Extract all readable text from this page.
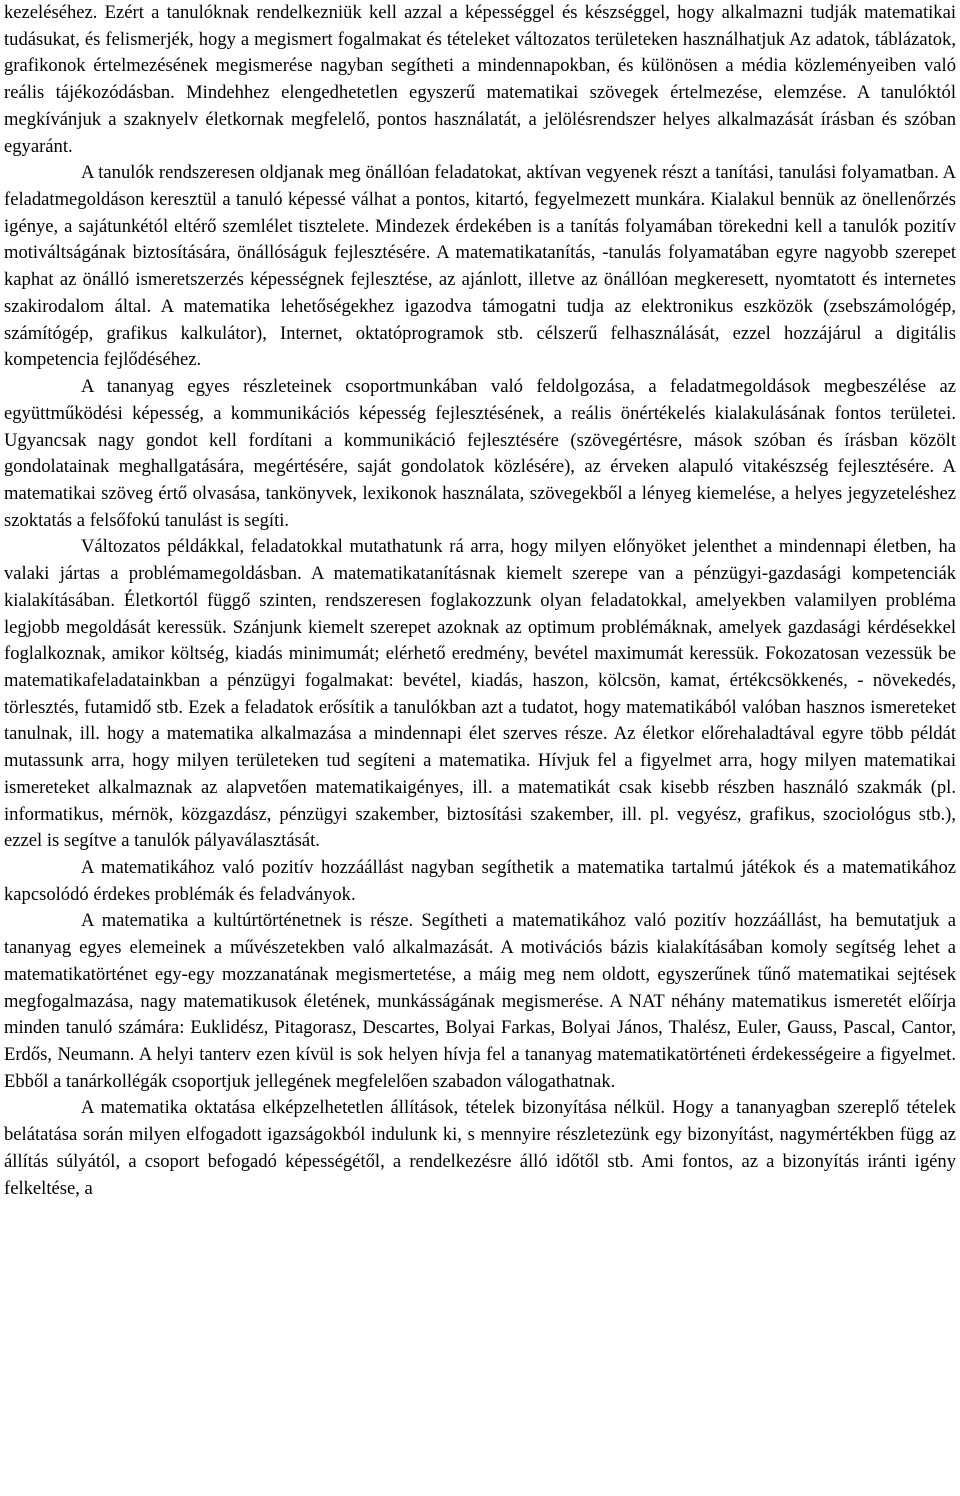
kezeléséhez. Ezért a tanulóknak rendelkezniük kell azzal a képességgel és készséggel, hogy alkalmazni tudják matematikai tudásukat, és felismerjék, hogy a megismert fogalmakat és tételeket változatos területeken használhatjuk Az adatok, táblázatok, grafikonok értelmezésének megismerése nagyban segítheti a mindennapokban, és különösen a média közleményeiben való reális tájékozódásban. Mindehhez elengedhetetlen egyszerű matematikai szövegek értelmezése, elemzése. A tanulóktól megkívánjuk a szaknyelv életkornak megfelelő, pontos használatát, a jelölésrendszer helyes alkalmazását írásban és szóban egyaránt.

A tanulók rendszeresen oldjanak meg önállóan feladatokat, aktívan vegyenek részt a tanítási, tanulási folyamatban. A feladatmegoldáson keresztül a tanuló képessé válhat a pontos, kitartó, fegyelmezett munkára. Kialakul bennük az önellenőrzés igénye, a sajátunkétól eltérő szemlélet tisztelete. Mindezek érdekében is a tanítás folyamában törekedni kell a tanulók pozitív motiváltságának biztosítására, önállóságuk fejlesztésére. A matematikatanítás, -tanulás folyamatában egyre nagyobb szerepet kaphat az önálló ismeretszerzés képességnek fejlesztése, az ajánlott, illetve az önállóan megkeresett, nyomtatott és internetes szakirodalom által. A matematika lehetőségekhez igazodva támogatni tudja az elektronikus eszközök (zsebszámológép, számítógép, grafikus kalkulátor), Internet, oktatóprogramok stb. célszerű felhasználását, ezzel hozzájárul a digitális kompetencia fejlődéséhez.

A tananyag egyes részleteinek csoportmunkában való feldolgozása, a feladatmegoldások megbeszélése az együttműködési képesség, a kommunikációs képesség fejlesztésének, a reális önértékelés kialakulásának fontos területei. Ugyancsak nagy gondot kell fordítani a kommunikáció fejlesztésére (szövegértésre, mások szóban és írásban közölt gondolatainak meghallgatására, megértésére, saját gondolatok közlésére), az érveken alapuló vitakészség fejlesztésére. A matematikai szöveg értő olvasása, tankönyvek, lexikonok használata, szövegekből a lényeg kiemelése, a helyes jegyzeteléshez szoktatás a felsőfokú tanulást is segíti.

Változatos példákkal, feladatokkal mutathatunk rá arra, hogy milyen előnyöket jelenthet a mindennapi életben, ha valaki jártas a problémamegoldásban. A matematikatanításnak kiemelt szerepe van a pénzügyi-gazdasági kompetenciák kialakításában. Életkortól függő szinten, rendszeresen foglakozzunk olyan feladatokkal, amelyekben valamilyen probléma legjobb megoldását keressük. Szánjunk kiemelt szerepet azoknak az optimum problémáknak, amelyek gazdasági kérdésekkel foglalkoznak, amikor költség, kiadás minimumát; elérhető eredmény, bevétel maximumát keressük. Fokozatosan vezessük be matematikafeladatainkban a pénzügyi fogalmakat: bevétel, kiadás, haszon, kölcsön, kamat, értékcsökkenés, - növekedés, törlesztés, futamidő stb. Ezek a feladatok erősítik a tanulókban azt a tudatot, hogy matematikából valóban hasznos ismereteket tanulnak, ill. hogy a matematika alkalmazása a mindennapi élet szerves része. Az életkor előrehaladtával egyre több példát mutassunk arra, hogy milyen területeken tud segíteni a matematika. Hívjuk fel a figyelmet arra, hogy milyen matematikai ismereteket alkalmaznak az alapvetően matematikaigényes, ill. a matematikát csak kisebb részben használó szakmák (pl. informatikus, mérnök, közgazdász, pénzügyi szakember, biztosítási szakember, ill. pl. vegyész, grafikus, szociológus stb.), ezzel is segítve a tanulók pályaválasztását.

A matematikához való pozitív hozzáállást nagyban segíthetik a matematika tartalmú játékok és a matematikához kapcsolódó érdekes problémák és feladványok.

A matematika a kultúrtörténetnek is része. Segítheti a matematikához való pozitív hozzáállást, ha bemutatjuk a tananyag egyes elemeinek a művészetekben való alkalmazását. A motivációs bázis kialakításában komoly segítség lehet a matematikatörténet egy-egy mozzanatának megismertetése, a máig meg nem oldott, egyszerűnek tűnő matematikai sejtések megfogalmazása, nagy matematikusok életének, munkásságának megismerése. A NAT néhány matematikus ismeretét előírja minden tanuló számára: Euklidész, Pitagorasz, Descartes, Bolyai Farkas, Bolyai János, Thalész, Euler, Gauss, Pascal, Cantor, Erdős, Neumann. A helyi tanterv ezen kívül is sok helyen hívja fel a tananyag matematikatörténeti érdekességeire a figyelmet. Ebből a tanárkollégák csoportjuk jellegének megfelelően szabadon válogathatnak.

A matematika oktatása elképzelhetetlen állítások, tételek bizonyítása nélkül. Hogy a tananyagban szereplő tételek belátatása során milyen elfogadott igazságokból indulunk ki, s mennyire részletezünk egy bizonyítást, nagymértékben függ az állítás súlyától, a csoport befogadó képességétől, a rendelkezésre álló időtől stb. Ami fontos, az a bizonyítás iránti igény felkeltése, a
